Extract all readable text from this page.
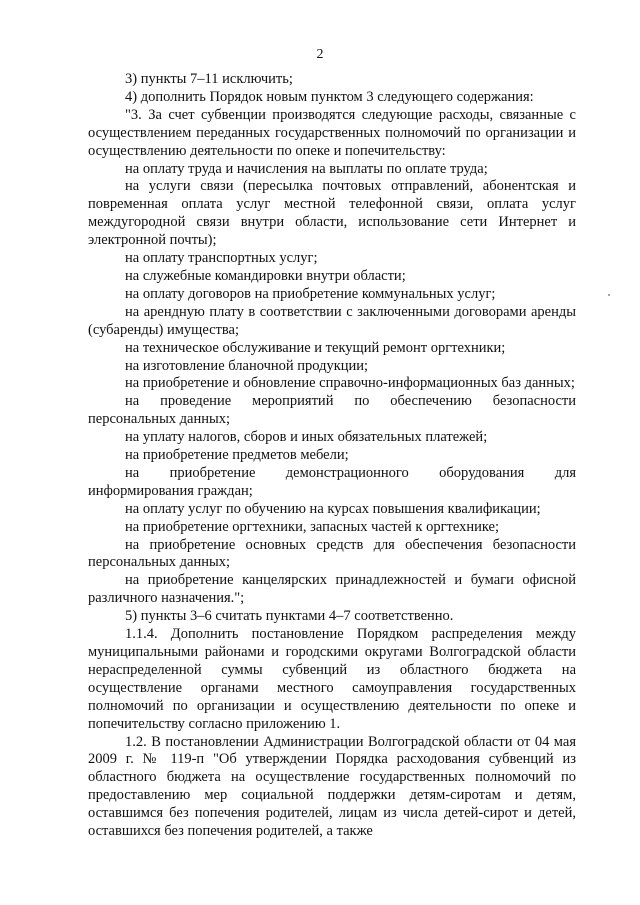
2

3) пункты 7–11 исключить;

4) дополнить Порядок новым пунктом 3 следующего содержания:

"3. За счет субвенции производятся следующие расходы, связанные с осуществлением переданных государственных полномочий по организации и осуществлению деятельности по опеке и попечительству:

на оплату труда и начисления на выплаты по оплате труда;

на услуги связи (пересылка почтовых отправлений, абонентская и повременная оплата услуг местной телефонной связи, оплата услуг междугородной связи внутри области, использование сети Интернет и электронной почты);

на оплату транспортных услуг;

на служебные командировки внутри области;

на оплату договоров на приобретение коммунальных услуг;

на арендную плату в соответствии с заключенными договорами аренды (субаренды) имущества;

на техническое обслуживание и текущий ремонт оргтехники;

на изготовление бланочной продукции;

на приобретение и обновление справочно-информационных баз данных;

на проведение мероприятий по обеспечению безопасности персональных данных;

на уплату налогов, сборов и иных обязательных платежей;

на приобретение предметов мебели;

на приобретение демонстрационного оборудования для информирования граждан;

на оплату услуг по обучению на курсах повышения квалификации;

на приобретение оргтехники, запасных частей к оргтехнике;

на приобретение основных средств для обеспечения безопасности персональных данных;

на приобретение канцелярских принадлежностей и бумаги офисной различного назначения.";

5) пункты 3–6 считать пунктами 4–7 соответственно.

1.1.4. Дополнить постановление Порядком распределения между муниципальными районами и городскими округами Волгоградской области нераспределенной суммы субвенций из областного бюджета на осуществление органами местного самоуправления государственных полномочий по организации и осуществлению деятельности по опеке и попечительству согласно приложению 1.

1.2. В постановлении Администрации Волгоградской области от 04 мая 2009 г. № 119-п "Об утверждении Порядка расходования субвенций из областного бюджета на осуществление государственных полномочий по предоставлению мер социальной поддержки детям-сиротам и детям, оставшимся без попечения родителей, лицам из числа детей-сирот и детей, оставшихся без попечения родителей, а также
